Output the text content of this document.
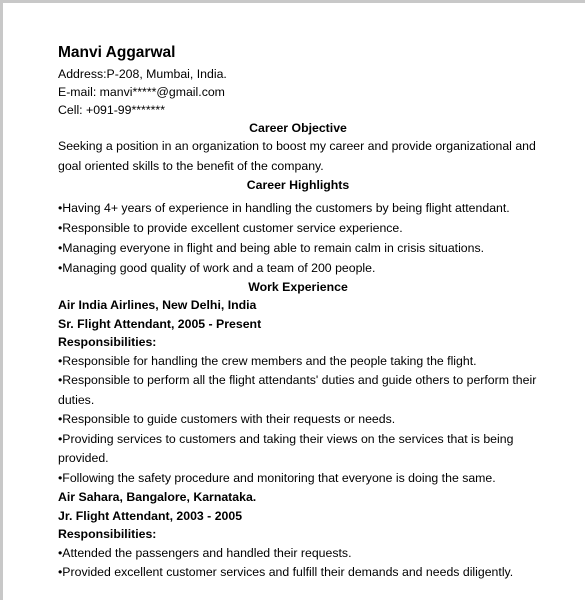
Manvi Aggarwal

Address:P-208, Mumbai, India.

E-mail: manvi*****@gmail.com

Cell: +091-99*******

Career Objective

Seeking a position in an organization to boost my career and provide organizational and goal oriented skills to the benefit of the company.

Career Highlights

•Having 4+ years of experience in handling the customers by being flight attendant.

•Responsible to provide excellent customer service experience.

•Managing everyone in flight and being able to remain calm in crisis situations.

•Managing good quality of work and a team of 200 people.

Work Experience

Air India Airlines, New Delhi, India

Sr. Flight Attendant, 2005 - Present

Responsibilities:

•Responsible for handling the crew members and the people taking the flight.

•Responsible to perform all the flight attendants' duties and guide others to perform their duties.

•Responsible to guide customers with their requests or needs.

•Providing services to customers and taking their views on the services that is being provided.

•Following the safety procedure and monitoring that everyone is doing the same.

Air Sahara, Bangalore, Karnataka.

Jr. Flight Attendant, 2003 - 2005

Responsibilities:

•Attended the passengers and handled their requests.

•Provided excellent customer services and fulfill their demands and needs diligently.
